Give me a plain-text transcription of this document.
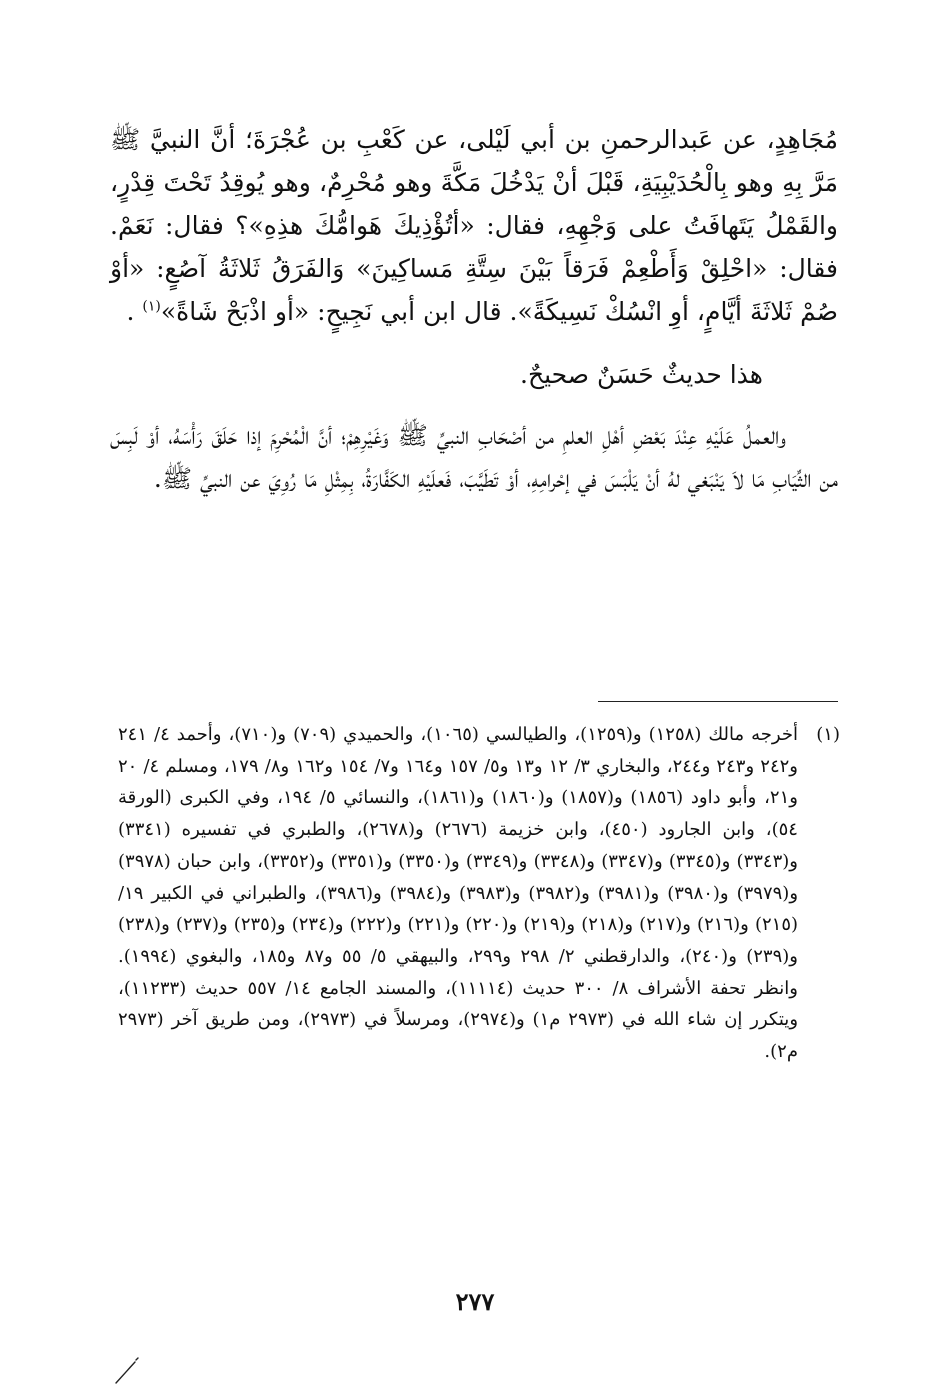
مُجَاهِدٍ، عن عَبدالرحمنِ بن أبي لَيْلى، عن كَعْبِ بن عُجْرَةَ؛ أنَّ النبيَّ ﷺ مَرَّ بِهِ وهو بِالْحُدَيْبِيَةِ، قَبْلَ أنْ يَدْخُلَ مَكَّةَ وهو مُحْرِمٌ، وهو يُوقِدُ تَحْتَ قِدْرٍ، والقَمْلُ يَتَهافَتُ على وَجْهِهِ، فقال: «أتُؤْذِيكَ هَوامُّكَ هذِهِ»؟ فقال: نَعَمْ. فقال: «احْلِقْ وَأَطْعِمْ فَرَقاً بَيْنَ سِتَّةِ مَساكِينَ» وَالفَرَقُ ثَلاثَةُ آصُعٍ: «أوْ صُمْ ثَلاثَةَ أيَّامٍ، أوِ انْسُكْ نَسِيكَةً». قال ابن أبي نَجِيحٍ: «أو اذْبَحْ شَاةً»$^{(١)}$ .

هذا حديثٌ حَسَنٌ صحيحٌ.

والعملُ عَلَيْهِ عِنْدَ بَعْضِ أهْلِ العلمِ من أصْحَابِ النبيِّ ﷺ وَغَيْرِهِمْ؛ أنَّ الْمُحْرِمَ إذا حَلَقَ رَأْسَهُ، أوْ لَبِسَ من الثِّيَابِ مَا لاَ يَنْبَغي لهُ أنْ يَلْبَسَ في إحْرامِهِ، أوْ تَطَيَّبَ، فَعلَيْهِ الكَفَّارَةُ، بِمِثْلِ مَا رُوِيَ عن النبيِّ ﷺ.

(١)
أخرجه مالك (١٢٥٨) و(١٢٥٩)، والطيالسي (١٠٦٥)، والحميدي (٧٠٩) و(٧١٠)، وأحمد ٤/ ٢٤١ و٢٤٢ و٢٤٣ و٢٤٤، والبخاري ٣/ ١٢ و١٣ و٥/ ١٥٧ و١٦٤ و٧/ ١٥٤ و١٦٢ و٨/ ١٧٩، ومسلم ٤/ ٢٠ و٢١، وأبو داود (١٨٥٦) و(١٨٥٧) و(١٨٦٠) و(١٨٦١)، والنسائي ٥/ ١٩٤، وفي الكبرى (الورقة ٥٤)، وابن الجارود (٤٥٠)، وابن خزيمة (٢٦٧٦) و(٢٦٧٨)، والطبري في تفسيره (٣٣٤١) و(٣٣٤٣) و(٣٣٤٥) و(٣٣٤٧) و(٣٣٤٨) و(٣٣٤٩) و(٣٣٥٠) و(٣٣٥١) و(٣٣٥٢)، وابن حبان (٣٩٧٨) و(٣٩٧٩) و(٣٩٨٠) و(٣٩٨١) و(٣٩٨٢) و(٣٩٨٣) و(٣٩٨٤) و(٣٩٨٦)، والطبراني في الكبير ١٩/ (٢١٥) و(٢١٦) و(٢١٧) و(٢١٨) و(٢١٩) و(٢٢٠) و(٢٢١) و(٢٢٢) و(٢٣٤) و(٢٣٥) و(٢٣٧) و(٢٣٨) و(٢٣٩) و(٢٤٠)، والدارقطني ٢/ ٢٩٨ و٢٩٩، والبيهقي ٥/ ٥٥ و٨٧ و١٨٥، والبغوي (١٩٩٤). وانظر تحفة الأشراف ٨/ ٣٠٠ حديث (١١١١٤)، والمسند الجامع ١٤/ ٥٥٧ حديث (١١٢٣٣)، ويتكرر إن شاء الله في (٢٩٧٣ م١) و(٢٩٧٤)، ومرسلاً في (٢٩٧٣)، ومن طريق آخر (٢٩٧٣ م٢).
٢٧٧
